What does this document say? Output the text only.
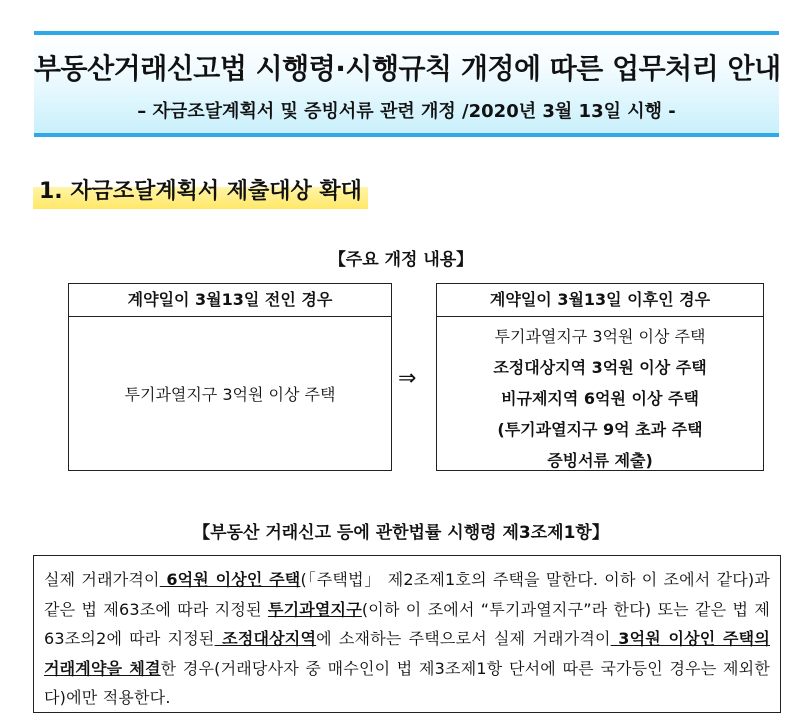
부동산거래신고법 시행령·시행규칙 개정에 따른 업무처리 안내
– 자금조달계획서 및 증빙서류 관련 개정 /2020년 3월 13일 시행 -
1. 자금조달계획서 제출대상 확대
【주요 개정 내용】
계약일이 3월13일 전인 경우
투기과열지구 3억원 이상 주택
⇒
계약일이 3월13일 이후인 경우
투기과열지구 3억원 이상 주택
조정대상지역 3억원 이상 주택
비규제지역 6억원 이상 주택
(투기과열지구 9억 초과 주택
증빙서류 제출)
【부동산 거래신고 등에 관한법률 시행령 제3조제1항】
실제 거래가격이 6억원 이상인 주택(「주택법」 제2조제1호의 주택을 말한다. 이하 이 조에서 같다)과 같은 법 제63조에 따라 지정된 투기과열지구(이하 이 조에서 “투기과열지구”라 한다) 또는 같은 법 제63조의2에 따라 지정된 조정대상지역에 소재하는 주택으로서 실제 거래가격이 3억원 이상인 주택의 거래계약을 체결한 경우(거래당사자 중 매수인이 법 제3조제1항 단서에 따른 국가등인 경우는 제외한다)에만 적용한다.
